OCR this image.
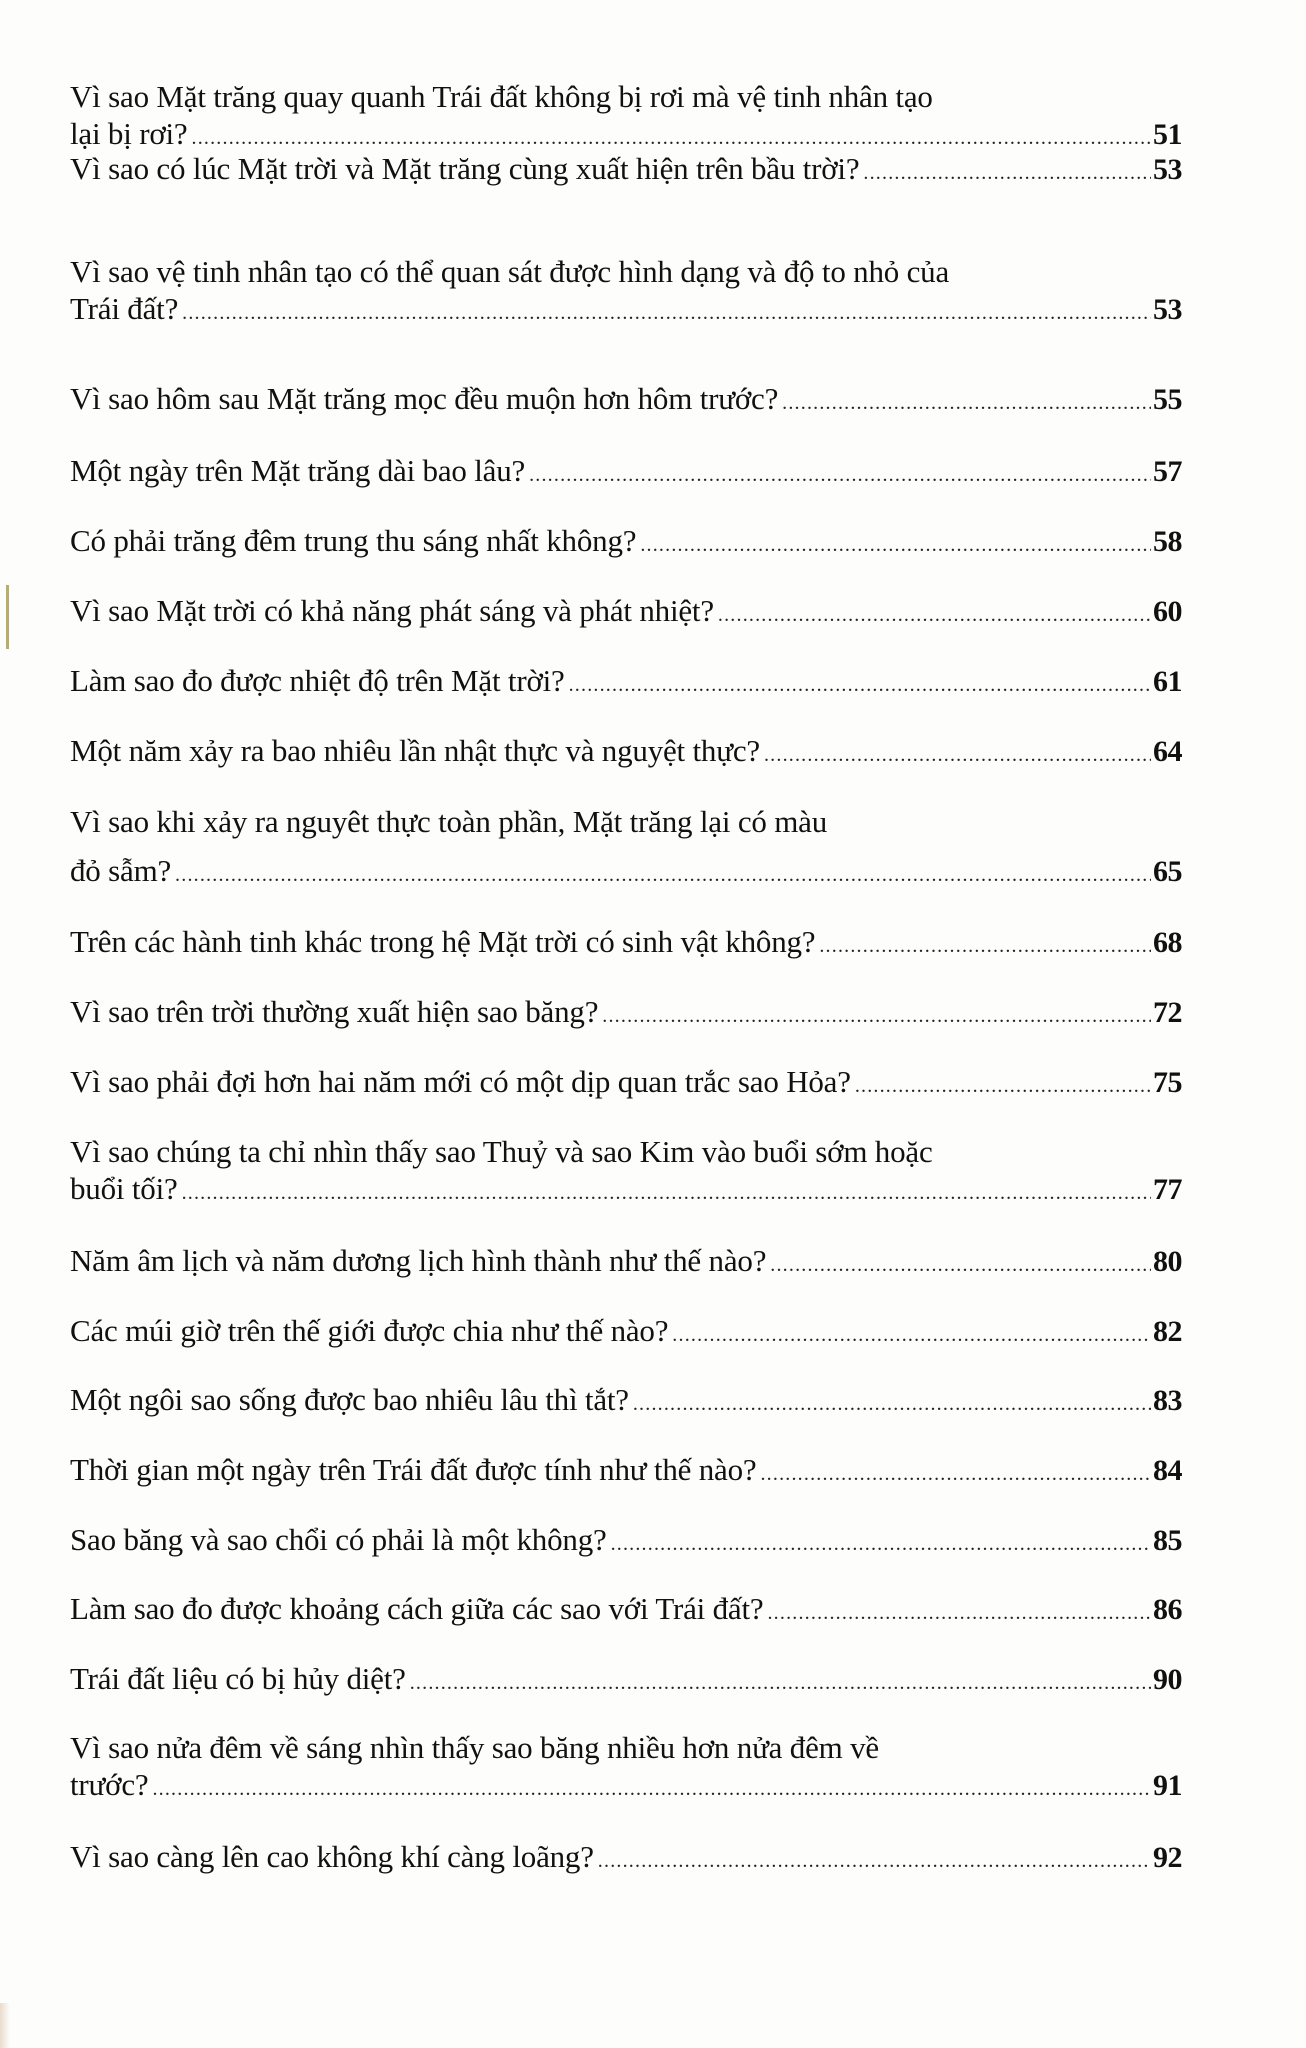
Vì sao Mặt trăng quay quanh Trái đất không bị rơi mà vệ tinh nhân tạo
lại bị rơi? .....	51
Vì sao có lúc Mặt trời và Mặt trăng cùng xuất hiện trên bầu trời? .....	53
Vì sao vệ tinh nhân tạo có thể quan sát được hình dạng và độ to nhỏ của
Trái đất? .....	53
Vì sao hôm sau Mặt trăng mọc đều muộn hơn hôm trước? .....	55
Một ngày trên Mặt trăng dài bao lâu? .....	57
Có phải trăng đêm trung thu sáng nhất không? .....	58
Vì sao Mặt trời có khả năng phát sáng và phát nhiệt? .....	60
Làm sao đo được nhiệt độ trên Mặt trời? .....	61
Một năm xảy ra bao nhiêu lần nhật thực và nguyệt thực? .....	64
Vì sao khi xảy ra nguyêt thực toàn phần, Mặt trăng lại có màu
đỏ sẫm? .....	65
Trên các hành tinh khác trong hệ Mặt trời có sinh vật không? .....	68
Vì sao trên trời thường xuất hiện sao băng? .....	72
Vì sao phải đợi hơn hai năm mới có một dịp quan trắc sao Hỏa? .....	75
Vì sao chúng ta chỉ nhìn thấy sao Thuỷ và sao Kim vào buổi sớm hoặc
buổi tối? .....	77
Năm âm lịch và năm dương lịch hình thành như thế nào? .....	80
Các múi giờ trên thế giới được chia như thế nào? .....	82
Một ngôi sao sống được bao nhiêu lâu thì tắt? .....	83
Thời gian một ngày trên Trái đất được tính như thế nào? .....	84
Sao băng và sao chổi có phải là một không? .....	85
Làm sao đo được khoảng cách giữa các sao với Trái đất? .....	86
Trái đất liệu có bị hủy diệt? .....	90
Vì sao nửa đêm về sáng nhìn thấy sao băng nhiều hơn nửa đêm về
trước? .....	91
Vì sao càng lên cao không khí càng loãng? .....	92
